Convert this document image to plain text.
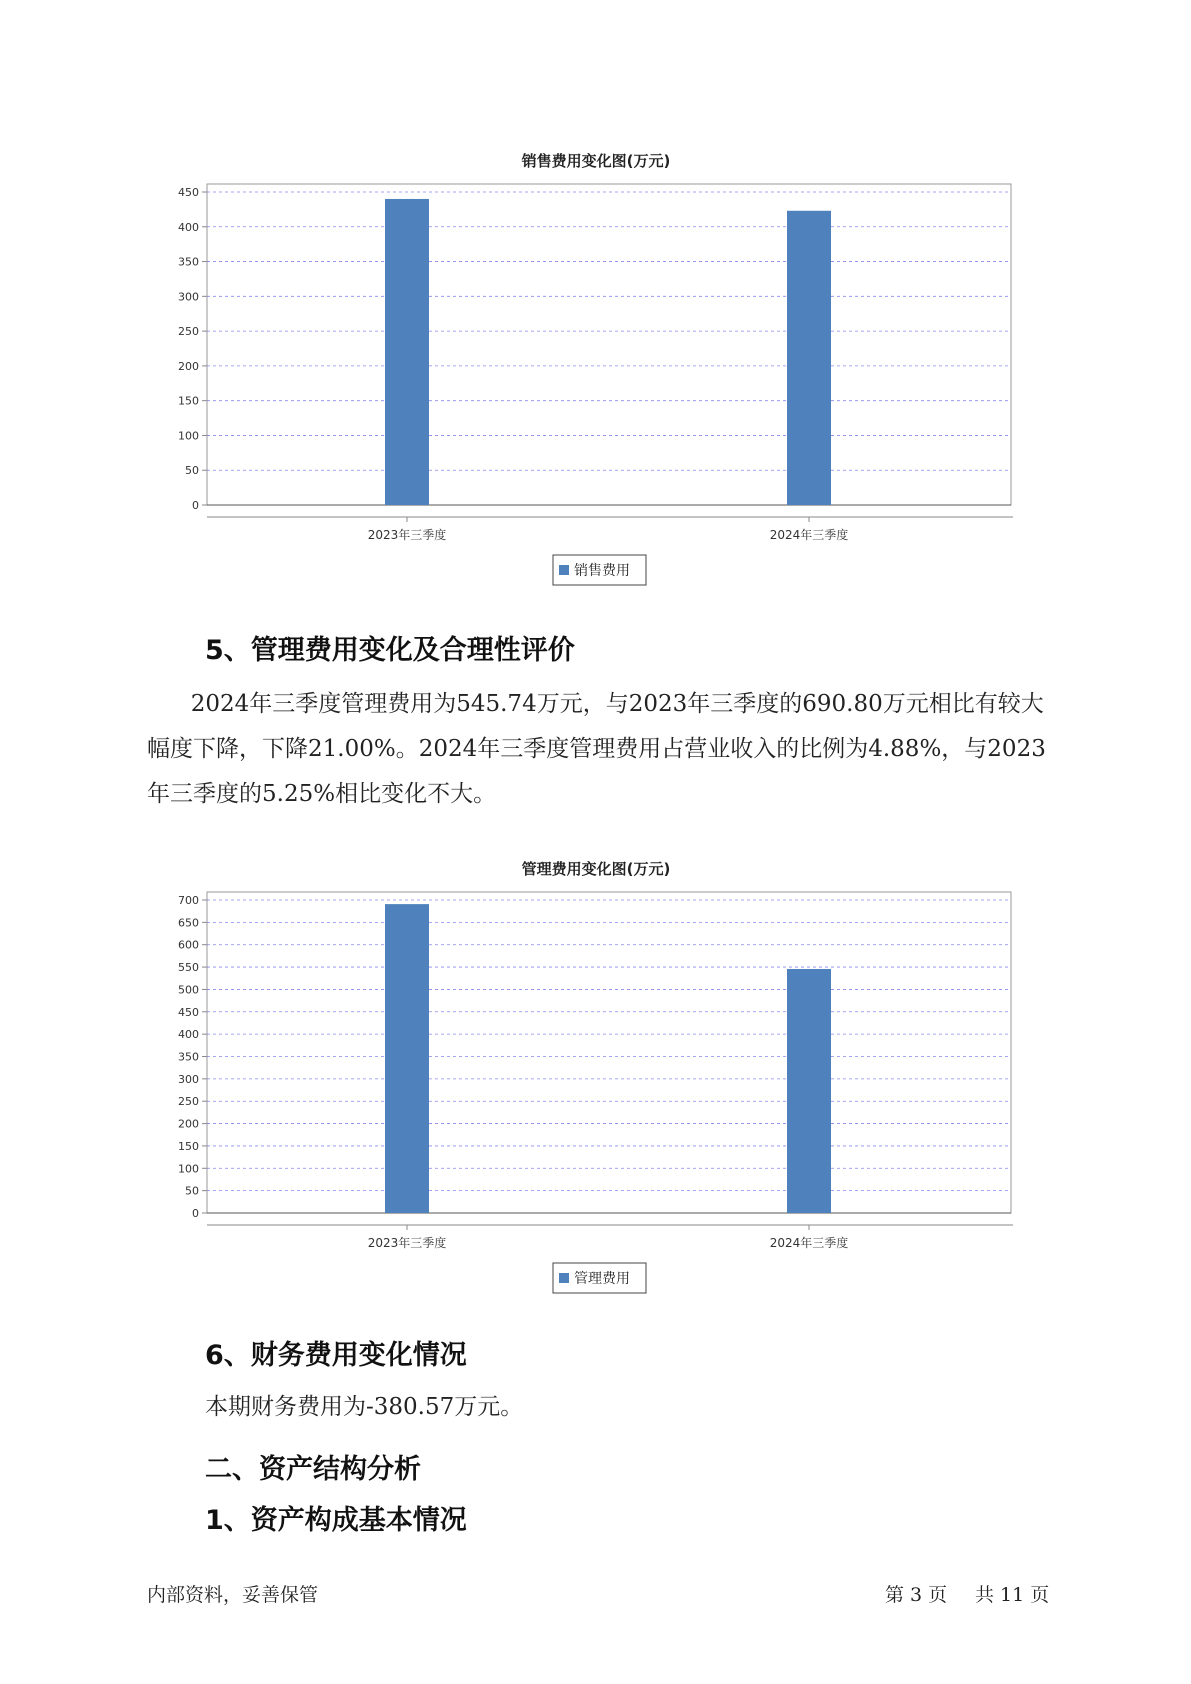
销售费用变化图(万元)
0
50
100
150
200
250
300
350
400
450
2023年三季度	2024年三季度
销售费用
5、管理费用变化及合理性评价

2024年三季度管理费用为545.74万元，与2023年三季度的690.80万元相比有较大幅度下降，下降21.00%。2024年三季度管理费用占营业收入的比例为4.88%，与2023年三季度的5.25%相比变化不大。

管理费用变化图(万元)
0
50
100
150
200
250
300
350
400
450
500
550
600
650
700
2023年三季度	2024年三季度
管理费用
6、财务费用变化情况

本期财务费用为-380.57万元。

二、资产结构分析
1、资产构成基本情况
内部资料，妥善保管	第 3 页 共 11 页
